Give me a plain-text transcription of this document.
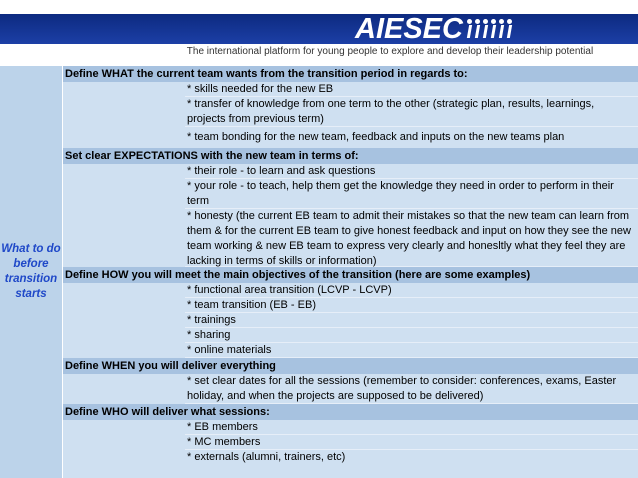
AIESEC
The international platform for young people to explore and develop their leadership potential
What to do
before
transition
starts
Define WHAT the current team wants from the transition period in regards to:
* skills needed for the new EB
* transfer of knowledge from one term to the other (strategic plan, results, learnings, projects from previous term)
* team bonding for the new team, feedback and inputs on the new teams plan
Set clear EXPECTATIONS with the new team in terms of:
* their role - to learn and ask questions
* your role - to teach, help them get the knowledge they need in order to perform in their term
* honesty (the current EB team to admit their mistakes so that the new team can learn from them & for the current EB team to give honest feedback and input on how they see the new team working & new EB team to express very clearly and honesltly what they feel they are lacking in terms of skills or information)
Define HOW you will meet the main objectives of the transition (here are some examples)
* functional area transition (LCVP - LCVP)
* team transition (EB - EB)
* trainings
* sharing
* online materials
Define WHEN you will deliver everything
* set clear dates for all the sessions (remember to consider: conferences, exams, Easter holiday, and when the projects are supposed to be delivered)
Define WHO will deliver what sessions:
* EB members
* MC members
* externals (alumni, trainers, etc)
